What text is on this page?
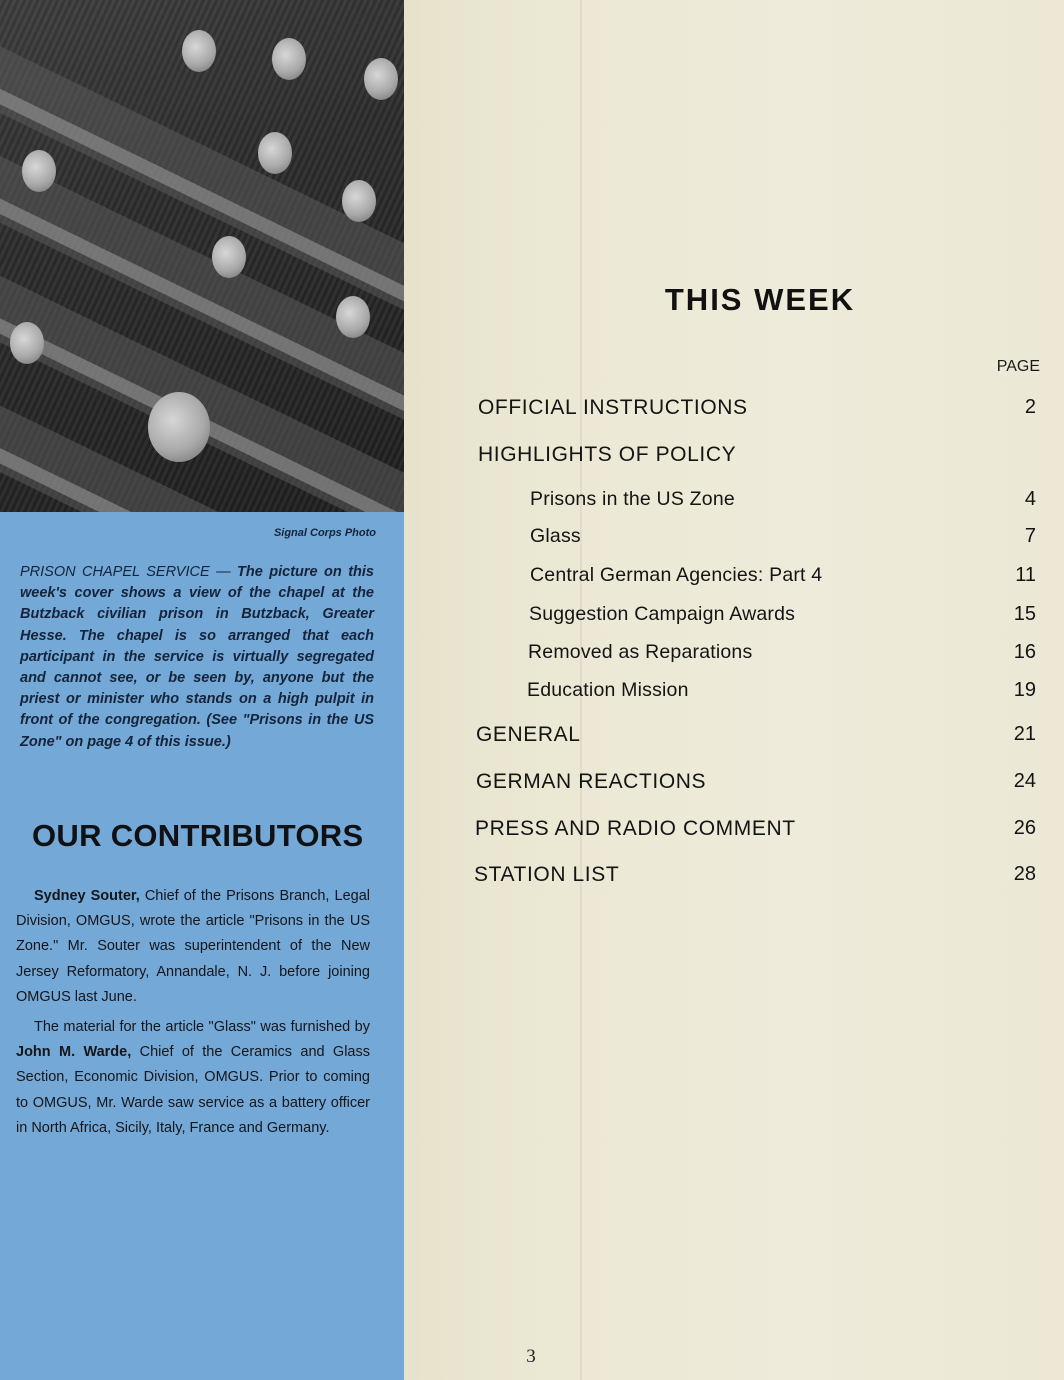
Signal Corps Photo
PRISON CHAPEL SERVICE — The picture on this week's cover shows a view of the chapel at the Butzback civilian prison in Butzback, Greater Hesse. The chapel is so arranged that each participant in the service is virtually segregated and cannot see, or be seen by, anyone but the priest or minister who stands on a high pulpit in front of the congregation. (See "Prisons in the US Zone" on page 4 of this issue.)
OUR CONTRIBUTORS

Sydney Souter, Chief of the Prisons Branch, Legal Division, OMGUS, wrote the article "Prisons in the US Zone." Mr. Souter was superintendent of the New Jersey Reformatory, Annandale, N. J. before joining OMGUS last June.

The material for the article "Glass" was furnished by John M. Warde, Chief of the Ceramics and Glass Section, Economic Division, OMGUS. Prior to coming to OMGUS, Mr. Warde saw service as a battery officer in North Africa, Sicily, Italy, France and Germany.

THIS WEEK
PAGE
OFFICIAL INSTRUCTIONS	2
HIGHLIGHTS OF POLICY
Prisons in the US Zone	4
Glass	7
Central German Agencies: Part 4	11
Suggestion Campaign Awards	15
Removed as Reparations	16
Education Mission	19
GENERAL	21
GERMAN REACTIONS	24
PRESS AND RADIO COMMENT	26
STATION LIST	28
3
